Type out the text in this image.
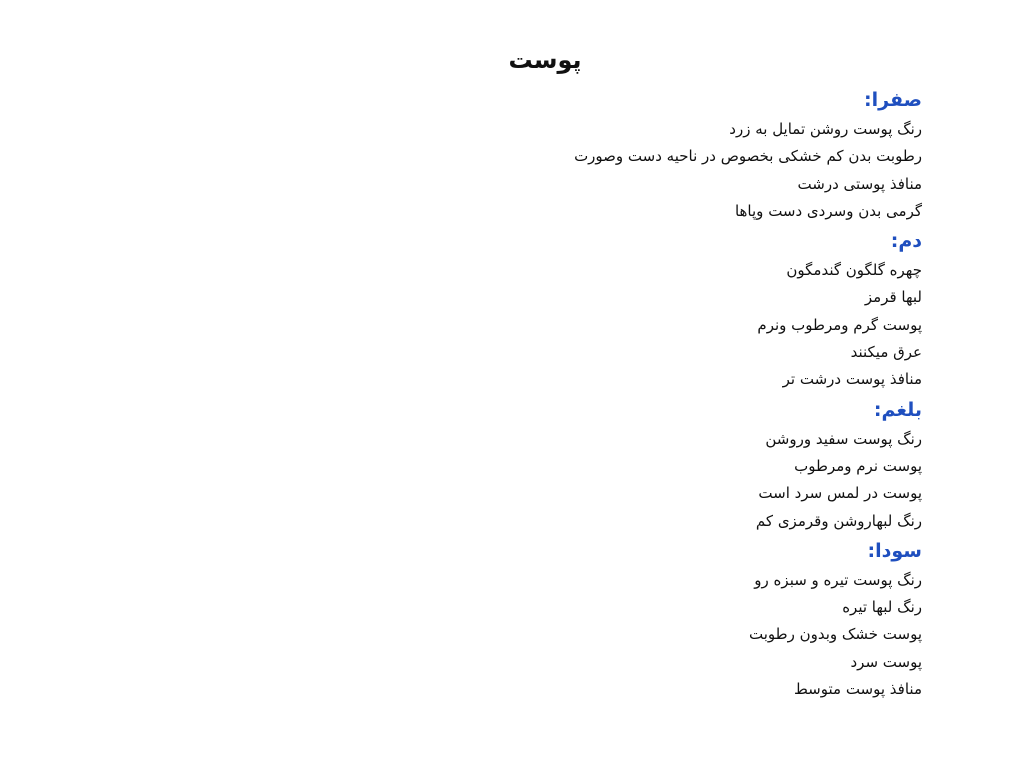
پوست
صفرا:
رنگ پوست روشن تمایل به زرد
رطوبت بدن کم خشکی بخصوص در ناحیه دست وصورت
منافذ پوستی درشت
گرمی بدن وسردی دست وپاها
دم:
چهره گلگون گندمگون
لبها قرمز
پوست گرم ومرطوب ونرم
عرق میکنند
منافذ پوست درشت تر
بلغم:
رنگ پوست سفید وروشن
پوست نرم ومرطوب
پوست در لمس سرد است
رنگ لبهاروشن وقرمزی کم
سودا:
رنگ پوست تیره و سبزه رو
رنگ لبها تیره
پوست خشک وبدون رطوبت
پوست سرد
منافذ پوست متوسط
